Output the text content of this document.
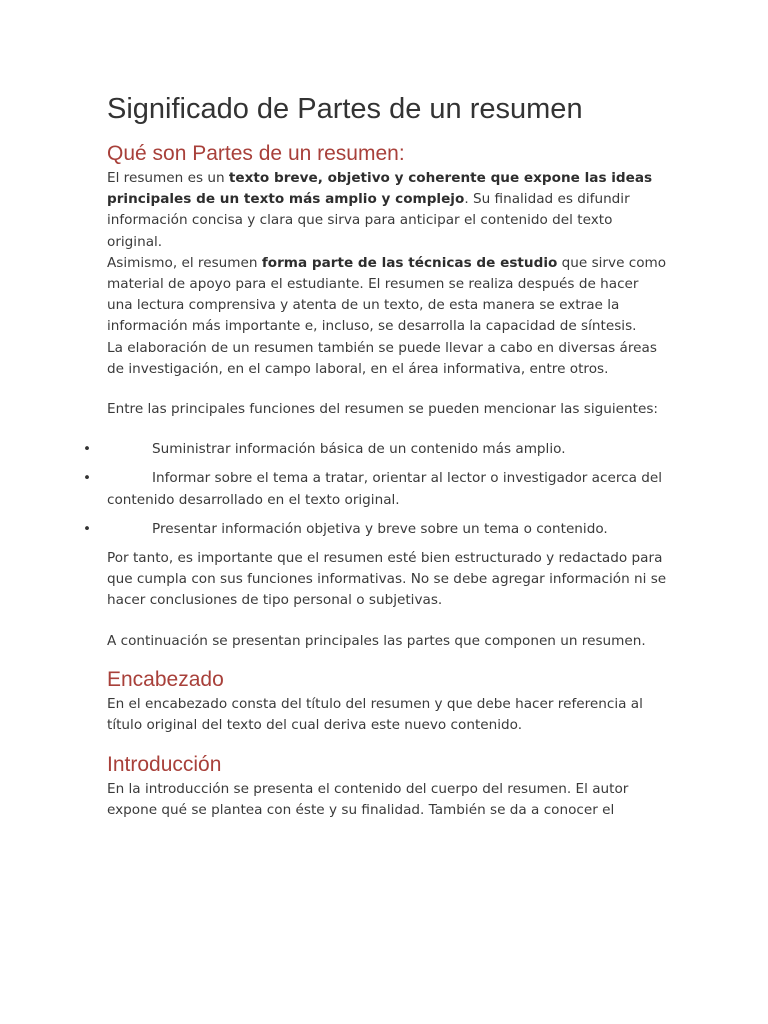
Significado de Partes de un resumen
Qué son Partes de un resumen:

El resumen es un texto breve, objetivo y coherente que expone las ideas principales de un texto más amplio y complejo. Su finalidad es difundir información concisa y clara que sirva para anticipar el contenido del texto original.

Asimismo, el resumen forma parte de las técnicas de estudio que sirve como material de apoyo para el estudiante. El resumen se realiza después de hacer una lectura comprensiva y atenta de un texto, de esta manera se extrae la información más importante e, incluso, se desarrolla la capacidad de síntesis.

La elaboración de un resumen también se puede llevar a cabo en diversas áreas de investigación, en el campo laboral, en el área informativa, entre otros.

Entre las principales funciones del resumen se pueden mencionar las siguientes:

•	Suministrar información básica de un contenido más amplio.
•	Informar sobre el tema a tratar, orientar al lector o investigador acerca del contenido desarrollado en el texto original.
•	Presentar información objetiva y breve sobre un tema o contenido.

Por tanto, es importante que el resumen esté bien estructurado y redactado para que cumpla con sus funciones informativas. No se debe agregar información ni se hacer conclusiones de tipo personal o subjetivas.

A continuación se presentan principales las partes que componen un resumen.

Encabezado

En el encabezado consta del título del resumen y que debe hacer referencia al título original del texto del cual deriva este nuevo contenido.

Introducción

En la introducción se presenta el contenido del cuerpo del resumen. El autor expone qué se plantea con éste y su finalidad. También se da a conocer el
